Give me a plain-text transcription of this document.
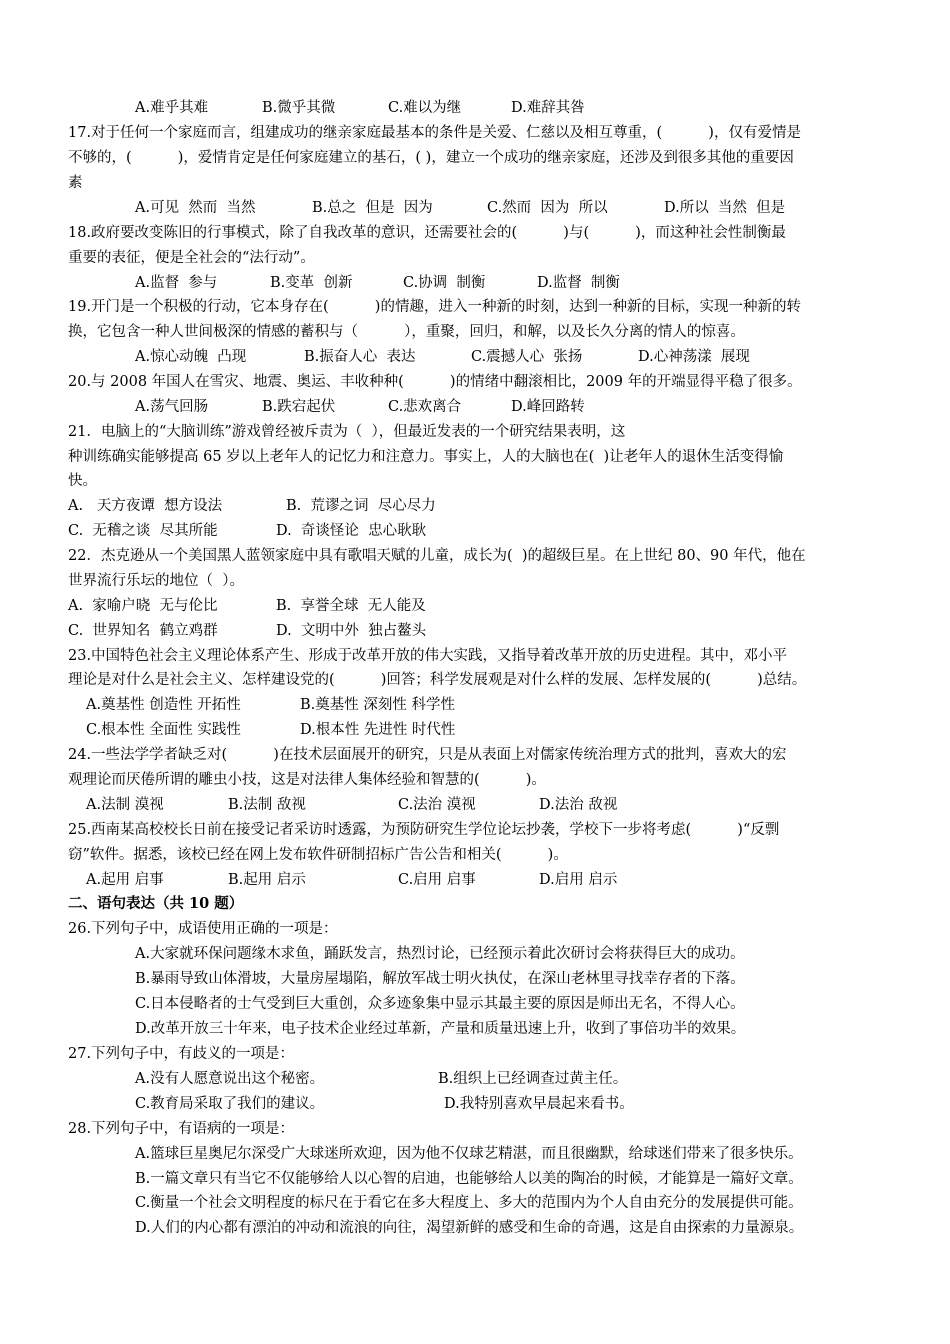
A.难乎其难	B.微乎其微	C.难以为继	D.难辞其咎
17.对于任何一个家庭而言，组建成功的继亲家庭最基本的条件是关爱、仁慈以及相互尊重，(          )，仅有爱情是
不够的，(          )，爱情肯定是任何家庭建立的基石，( )，建立一个成功的继亲家庭，还涉及到很多其他的重要因
素
A.可见  然而  当然	B.总之  但是  因为	C.然而  因为  所以	D.所以  当然  但是
18.政府要改变陈旧的行事模式，除了自我改革的意识，还需要社会的(          )与(          )，而这种社会性制衡最
重要的表征，便是全社会的“法行动”。
A.监督  参与	B.变革  创新	C.协调  制衡	D.监督  制衡
19.开门是一个积极的行动，它本身存在(          )的情趣，进入一种新的时刻，达到一种新的目标，实现一种新的转
换，它包含一种人世间极深的情感的蓄积与（          ），重聚，回归，和解，以及长久分离的情人的惊喜。
A.惊心动魄  凸现	B.振奋人心  表达	C.震撼人心  张扬	D.心神荡漾  展现
20.与 2008 年国人在雪灾、地震、奥运、丰收种种(          )的情绪中翻滚相比，2009 年的开端显得平稳了很多。
A.荡气回肠	B.跌宕起伏	C.悲欢离合	D.峰回路转
21．电脑上的“大脑训练”游戏曾经被斥责为（  ），但最近发表的一个研究结果表明，这
种训练确实能够提高 65 岁以上老年人的记忆力和注意力。事实上，人的大脑也在(  )让老年人的退休生活变得愉
快。
A.   天方夜谭  想方设法	B.  荒谬之词  尽心尽力
C.  无稽之谈  尽其所能	D.  奇谈怪论  忠心耿耿
22．杰克逊从一个美国黑人蓝领家庭中具有歌唱天赋的儿童，成长为(  )的超级巨星。在上世纪 80、90 年代，他在
世界流行乐坛的地位（  ）。
A.  家喻户晓  无与伦比	B.  享誉全球  无人能及
C.  世界知名  鹤立鸡群	D.  文明中外  独占鳌头
23.中国特色社会主义理论体系产生、形成于改革开放的伟大实践，又指导着改革开放的历史进程。其中，邓小平
理论是对什么是社会主义、怎样建设党的(          )回答；科学发展观是对什么样的发展、怎样发展的(          )总结。
A.奠基性 创造性 开拓性	B.奠基性 深刻性 科学性
C.根本性 全面性 实践性	D.根本性 先进性 时代性
24.一些法学学者缺乏对(          )在技术层面展开的研究，只是从表面上对儒家传统治理方式的批判，喜欢大的宏
观理论而厌倦所谓的雕虫小技，这是对法律人集体经验和智慧的(          )。
A.法制 漠视	B.法制 敌视	C.法治 漠视	D.法治 敌视
25.西南某高校校长日前在接受记者采访时透露，为预防研究生学位论坛抄袭，学校下一步将考虑(          )“反剽
窃”软件。据悉，该校已经在网上发布软件研制招标广告公告和相关(          )。
A.起用 启事	B.起用 启示	C.启用 启事	D.启用 启示
二、语句表达（共 10 题）
26.下列句子中，成语使用正确的一项是：
A.大家就环保问题缘木求鱼，踊跃发言，热烈讨论，已经预示着此次研讨会将获得巨大的成功。
B.暴雨导致山体滑坡，大量房屋塌陷，解放军战士明火执仗，在深山老林里寻找幸存者的下落。
C.日本侵略者的士气受到巨大重创，众多迹象集中显示其最主要的原因是师出无名，不得人心。
D.改革开放三十年来，电子技术企业经过革新，产量和质量迅速上升，收到了事倍功半的效果。
27.下列句子中，有歧义的一项是：
A.没有人愿意说出这个秘密。	B.组织上已经调查过黄主任。
C.教育局采取了我们的建议。	D.我特别喜欢早晨起来看书。
28.下列句子中，有语病的一项是：
A.篮球巨星奥尼尔深受广大球迷所欢迎，因为他不仅球艺精湛，而且很幽默，给球迷们带来了很多快乐。
B.一篇文章只有当它不仅能够给人以心智的启迪，也能够给人以美的陶冶的时候，才能算是一篇好文章。
C.衡量一个社会文明程度的标尺在于看它在多大程度上、多大的范围内为个人自由充分的发展提供可能。
D.人们的内心都有漂泊的冲动和流浪的向往，渴望新鲜的感受和生命的奇遇，这是自由探索的力量源泉。
